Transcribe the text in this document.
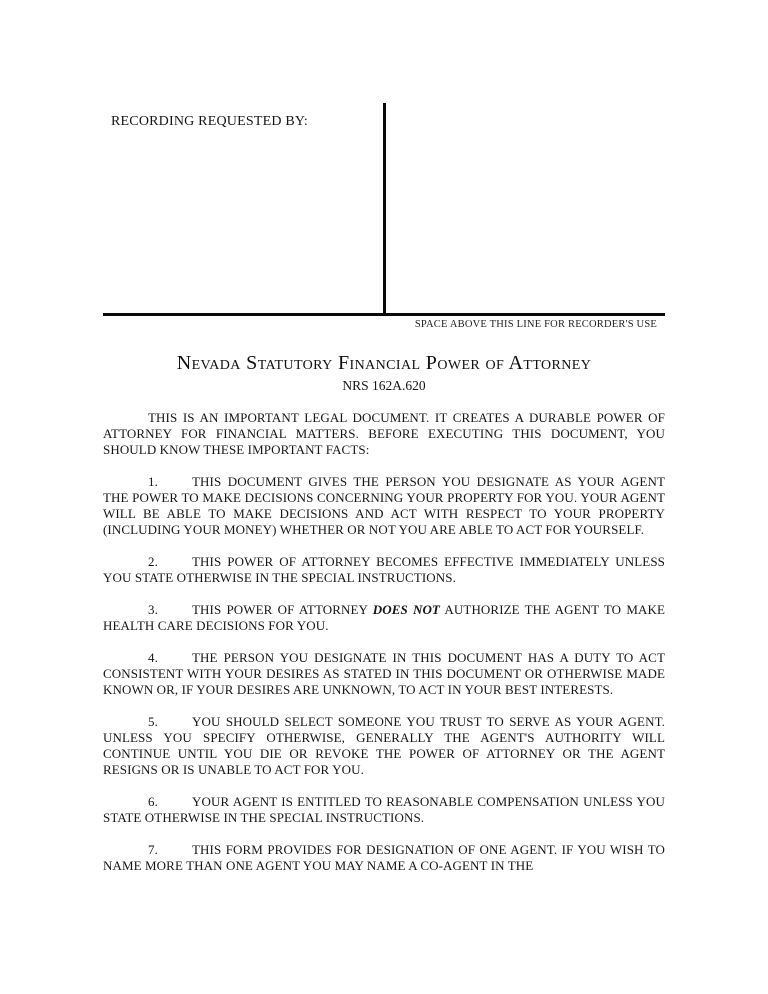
RECORDING REQUESTED BY:
SPACE ABOVE THIS LINE FOR RECORDER'S USE
Nevada Statutory Financial Power of Attorney
NRS 162A.620

THIS IS AN IMPORTANT LEGAL DOCUMENT. IT CREATES A DURABLE POWER OF ATTORNEY FOR FINANCIAL MATTERS. BEFORE EXECUTING THIS DOCUMENT, YOU SHOULD KNOW THESE IMPORTANT FACTS:

1.	THIS DOCUMENT GIVES THE PERSON YOU DESIGNATE AS YOUR AGENT THE POWER TO MAKE DECISIONS CONCERNING YOUR PROPERTY FOR YOU. YOUR AGENT WILL BE ABLE TO MAKE DECISIONS AND ACT WITH RESPECT TO YOUR PROPERTY (INCLUDING YOUR MONEY) WHETHER OR NOT YOU ARE ABLE TO ACT FOR YOURSELF.

2.	THIS POWER OF ATTORNEY BECOMES EFFECTIVE IMMEDIATELY UNLESS YOU STATE OTHERWISE IN THE SPECIAL INSTRUCTIONS.

3.	THIS POWER OF ATTORNEY DOES NOT AUTHORIZE THE AGENT TO MAKE HEALTH CARE DECISIONS FOR YOU.

4.	THE PERSON YOU DESIGNATE IN THIS DOCUMENT HAS A DUTY TO ACT CONSISTENT WITH YOUR DESIRES AS STATED IN THIS DOCUMENT OR OTHERWISE MADE KNOWN OR, IF YOUR DESIRES ARE UNKNOWN, TO ACT IN YOUR BEST INTERESTS.

5.	YOU SHOULD SELECT SOMEONE YOU TRUST TO SERVE AS YOUR AGENT. UNLESS YOU SPECIFY OTHERWISE, GENERALLY THE AGENT'S AUTHORITY WILL CONTINUE UNTIL YOU DIE OR REVOKE THE POWER OF ATTORNEY OR THE AGENT RESIGNS OR IS UNABLE TO ACT FOR YOU.

6.	YOUR AGENT IS ENTITLED TO REASONABLE COMPENSATION UNLESS YOU STATE OTHERWISE IN THE SPECIAL INSTRUCTIONS.

7.	THIS FORM PROVIDES FOR DESIGNATION OF ONE AGENT. IF YOU WISH TO NAME MORE THAN ONE AGENT YOU MAY NAME A CO-AGENT IN THE
